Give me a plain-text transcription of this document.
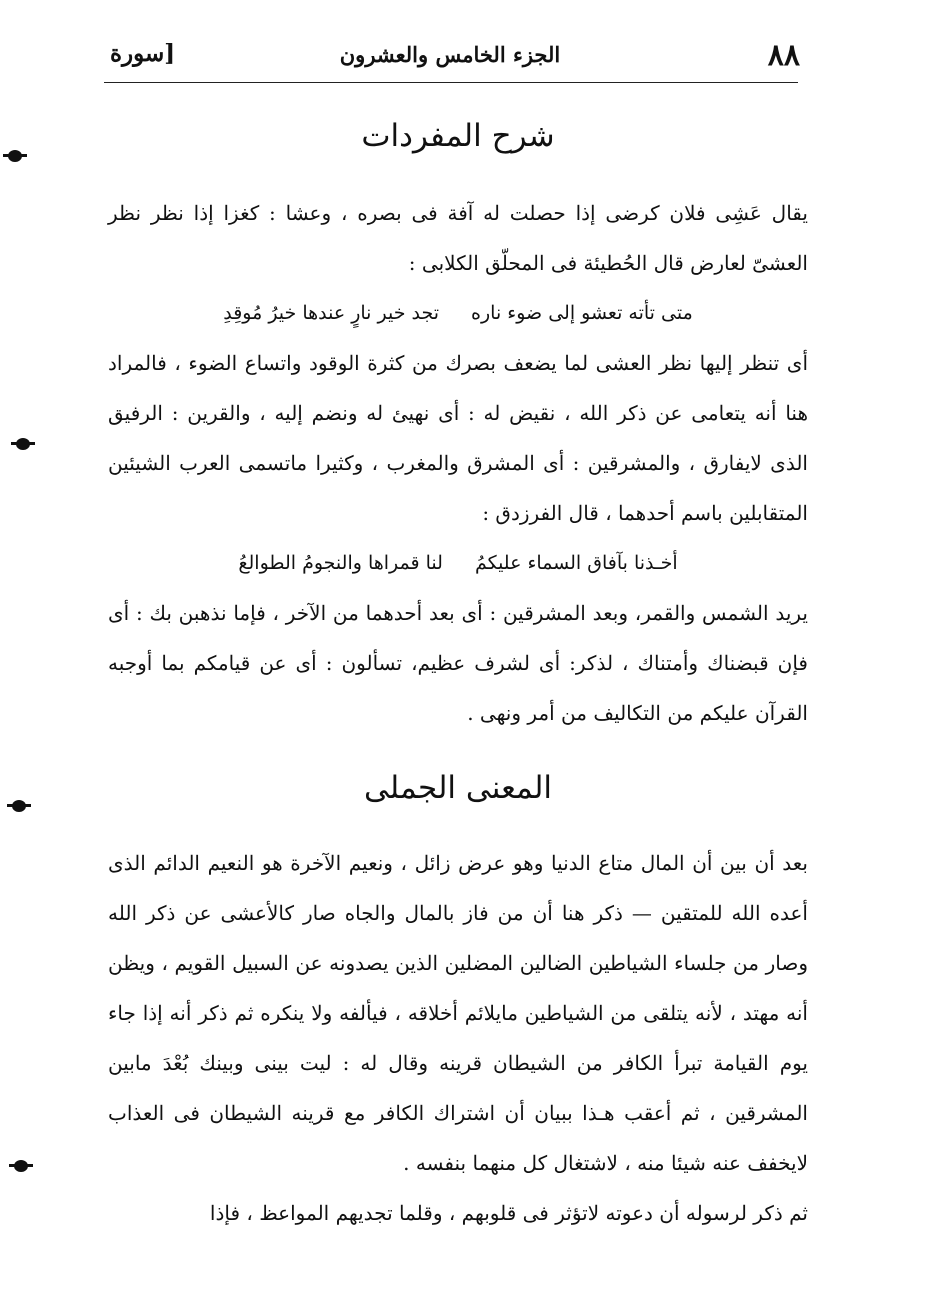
٨٨
الجزء الخامس والعشرون
[سورة
شرح المفردات

يقال عَشِى فلان كرضى إذا حصلت له آفة فى بصره ، وعشا : كغزا إذا نظر نظر العشىّ لعارض قال الحُطيئة فى المحلّق الكلابى :

متى تأته تعشو إلى ضوء ناره
تجد خير نارٍ عندها خيرُ مُوقِدِ

أى تنظر إليها نظر العشى لما يضعف بصرك من كثرة الوقود واتساع الضوء ، فالمراد هنا أنه يتعامى عن ذكر الله ، نقيض له : أى نهيئ له ونضم إليه ، والقرين : الرفيق الذى لايفارق ، والمشرقين : أى المشرق والمغرب ، وكثيرا ماتسمى العرب الشيئين المتقابلين باسم أحدهما ، قال الفرزدق :

أخـذنا بآفاق السماء عليكمُ
لنا قمراها والنجومُ الطوالعُ

يريد الشمس والقمر، وبعد المشرقين : أى بعد أحدهما من الآخر ، فإما نذهبن بك : أى فإن قبضناك وأمتناك ، لذكر: أى لشرف عظيم، تسألون : أى عن قيامكم بما أوجبه القرآن عليكم من التكاليف من أمر ونهى .

المعنى الجملى

بعد أن بين أن المال متاع الدنيا وهو عرض زائل ، ونعيم الآخرة هو النعيم الدائم الذى أعده الله للمتقين — ذكر هنا أن من فاز بالمال والجاه صار كالأعشى عن ذكر الله وصار من جلساء الشياطين الضالين المضلين الذين يصدونه عن السبيل القويم ، ويظن أنه مهتد ، لأنه يتلقى من الشياطين مايلائم أخلاقه ، فيألفه ولا ينكره ثم ذكر أنه إذا جاء يوم القيامة تبرأ الكافر من الشيطان قرينه وقال له : ليت بينى وبينك بُعْدَ مابين المشرقين ، ثم أعقب هـذا ببيان أن اشتراك الكافر مع قرينه الشيطان فى العذاب لايخفف عنه شيئا منه ، لاشتغال كل منهما بنفسه .

ثم ذكر لرسوله أن دعوته لاتؤثر فى قلوبهم ، وقلما تجديهم المواعظ ، فإذا
